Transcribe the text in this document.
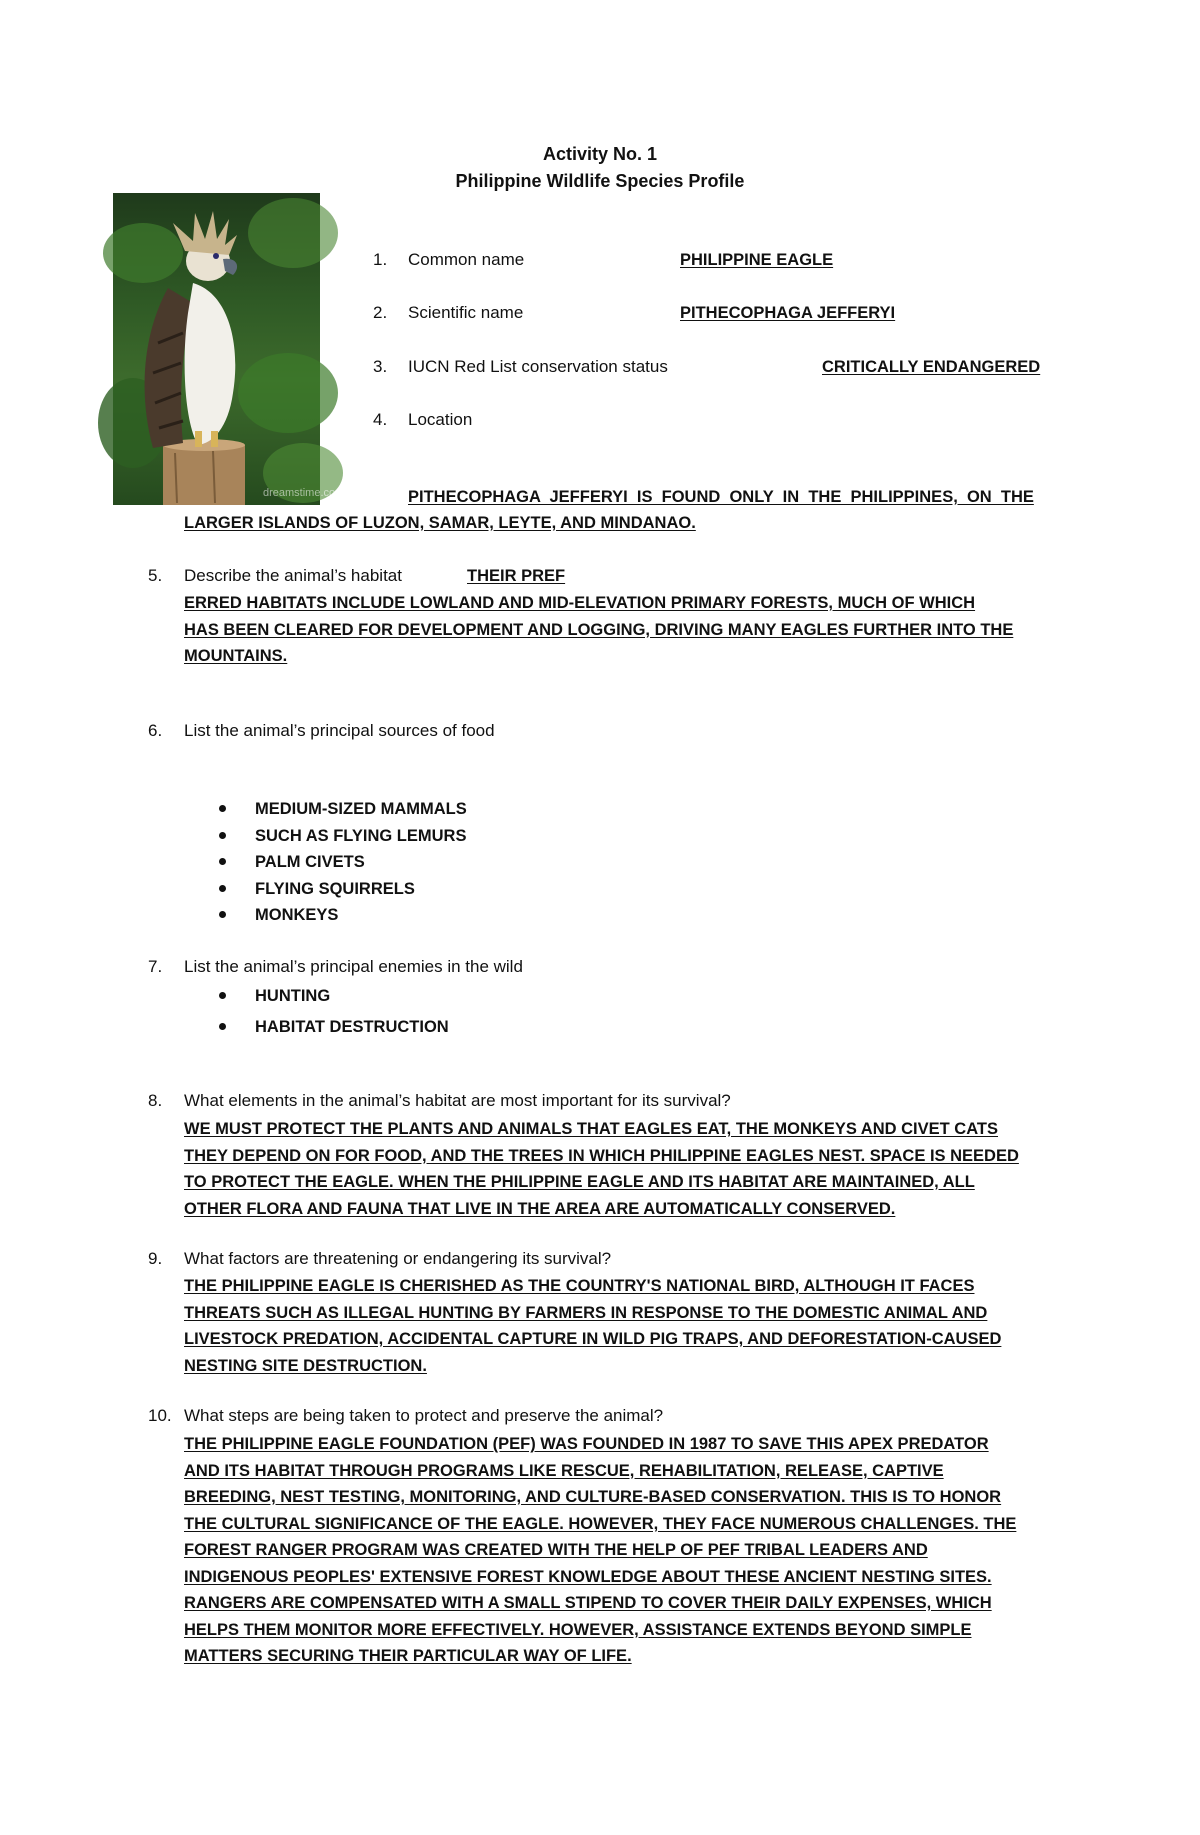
Activity No. 1
Philippine Wildlife Species Profile
dreamstime.com
1. Common name	PHILIPPINE EAGLE
2. Scientific name	PITHECOPHAGA JEFFERYI
3. IUCN Red List conservation status	CRITICALLY ENDANGERED
4. Location
PITHECOPHAGA  JEFFERYI  IS  FOUND  ONLY  IN  THE  PHILIPPINES,  ON  THE
LARGER ISLANDS OF LUZON, SAMAR, LEYTE, AND MINDANAO.
5. Describe the animal’s habitat	THEIR PREF
ERRED HABITATS INCLUDE LOWLAND AND MID-ELEVATION PRIMARY FORESTS, MUCH OF WHICH
HAS BEEN CLEARED FOR DEVELOPMENT AND LOGGING, DRIVING MANY EAGLES FURTHER INTO THE
MOUNTAINS.
6. List the animal’s principal sources of food
MEDIUM-SIZED MAMMALS
SUCH AS FLYING LEMURS
PALM CIVETS
FLYING SQUIRRELS
MONKEYS
7. List the animal’s principal enemies in the wild
HUNTING
HABITAT DESTRUCTION
8. What elements in the animal’s habitat are most important for its survival?
WE MUST PROTECT THE PLANTS AND ANIMALS THAT EAGLES EAT, THE MONKEYS AND CIVET CATS
THEY DEPEND ON FOR FOOD, AND THE TREES IN WHICH PHILIPPINE EAGLES NEST. SPACE IS NEEDED
TO PROTECT THE EAGLE. WHEN THE PHILIPPINE EAGLE AND ITS HABITAT ARE MAINTAINED, ALL
OTHER FLORA AND FAUNA THAT LIVE IN THE AREA ARE AUTOMATICALLY CONSERVED.
9. What factors are threatening or endangering its survival?
THE PHILIPPINE EAGLE IS CHERISHED AS THE COUNTRY'S NATIONAL BIRD, ALTHOUGH IT FACES
THREATS SUCH AS ILLEGAL HUNTING BY FARMERS IN RESPONSE TO THE DOMESTIC ANIMAL AND
LIVESTOCK PREDATION, ACCIDENTAL CAPTURE IN WILD PIG TRAPS, AND DEFORESTATION-CAUSED
NESTING SITE DESTRUCTION.
10. What steps are being taken to protect and preserve the animal?
THE PHILIPPINE EAGLE FOUNDATION (PEF) WAS FOUNDED IN 1987 TO SAVE THIS APEX PREDATOR
AND ITS HABITAT THROUGH PROGRAMS LIKE RESCUE, REHABILITATION, RELEASE, CAPTIVE
BREEDING, NEST TESTING, MONITORING, AND CULTURE-BASED CONSERVATION. THIS IS TO HONOR
THE CULTURAL SIGNIFICANCE OF THE EAGLE. HOWEVER, THEY FACE NUMEROUS CHALLENGES. THE
FOREST RANGER PROGRAM WAS CREATED WITH THE HELP OF PEF TRIBAL LEADERS AND
INDIGENOUS PEOPLES' EXTENSIVE FOREST KNOWLEDGE ABOUT THESE ANCIENT NESTING SITES.
RANGERS ARE COMPENSATED WITH A SMALL STIPEND TO COVER THEIR DAILY EXPENSES, WHICH
HELPS THEM MONITOR MORE EFFECTIVELY. HOWEVER, ASSISTANCE EXTENDS BEYOND SIMPLE
MATTERS SECURING THEIR PARTICULAR WAY OF LIFE.
